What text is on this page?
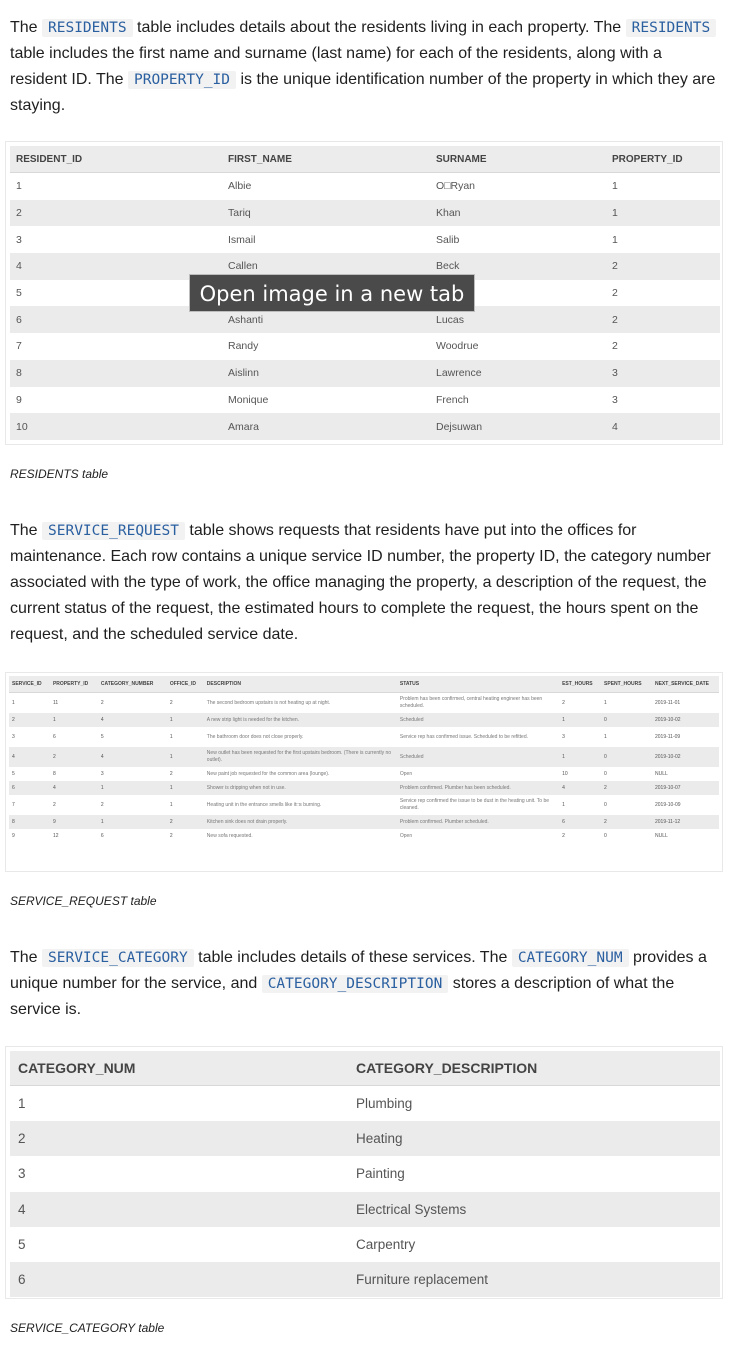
The RESIDENTS table includes details about the residents living in each property. The RESIDENTS table includes the first name and surname (last name) for each of the residents, along with a resident ID. The PROPERTY_ID is the unique identification number of the property in which they are staying.

RESIDENT_ID	FIRST_NAME	SURNAME	PROPERTY_ID
1	Albie	O□Ryan	1
2	Tariq	Khan	1
3	Ismail	Salib	1
4	Callen	Beck	2
5			2
6	Ashanti	Lucas	2
7	Randy	Woodrue	2
8	Aislinn	Lawrence	3
9	Monique	French	3
10	Amara	Dejsuwan	4
Open image in a new tab
RESIDENTS table

The SERVICE_REQUEST table shows requests that residents have put into the offices for maintenance. Each row contains a unique service ID number, the property ID, the category number associated with the type of work, the office managing the property, a description of the request, the current status of the request, the estimated hours to complete the request, the hours spent on the request, and the scheduled service date.

SERVICE_ID	PROPERTY_ID	CATEGORY_NUMBER	OFFICE_ID	DESCRIPTION	STATUS	EST_HOURS	SPENT_HOURS	NEXT_SERVICE_DATE
1	11	2	2	The second bedroom upstairs is not heating up at night.	Problem has been confirmed, central heating engineer has been scheduled.	2	1	2019-11-01
2	1	4	1	A new strip light is needed for the kitchen.	Scheduled	1	0	2019-10-02
3	6	5	1	The bathroom door does not close properly.	Service rep has confirmed issue. Scheduled to be refitted.	3	1	2019-11-09
4	2	4	1	New outlet has been requested for the first upstairs bedroom. (There is currently no outlet).	Scheduled	1	0	2019-10-02
5	8	3	2	New paint job requested for the common area (lounge).	Open	10	0	NULL
6	4	1	1	Shower is dripping when not in use.	Problem confirmed. Plumber has been scheduled.	4	2	2019-10-07
7	2	2	1	Heating unit in the entrance smells like it□s burning.	Service rep confirmed the issue to be dust in the heating unit. To be cleaned.	1	0	2019-10-09
8	9	1	2	Kitchen sink does not drain properly.	Problem confirmed. Plumber scheduled.	6	2	2019-11-12
9	12	6	2	New sofa requested.	Open	2	0	NULL
SERVICE_REQUEST table

The SERVICE_CATEGORY table includes details of these services. The CATEGORY_NUM provides a unique number for the service, and CATEGORY_DESCRIPTION stores a description of what the service is.

CATEGORY_NUM	CATEGORY_DESCRIPTION
1	Plumbing
2	Heating
3	Painting
4	Electrical Systems
5	Carpentry
6	Furniture replacement
SERVICE_CATEGORY table
